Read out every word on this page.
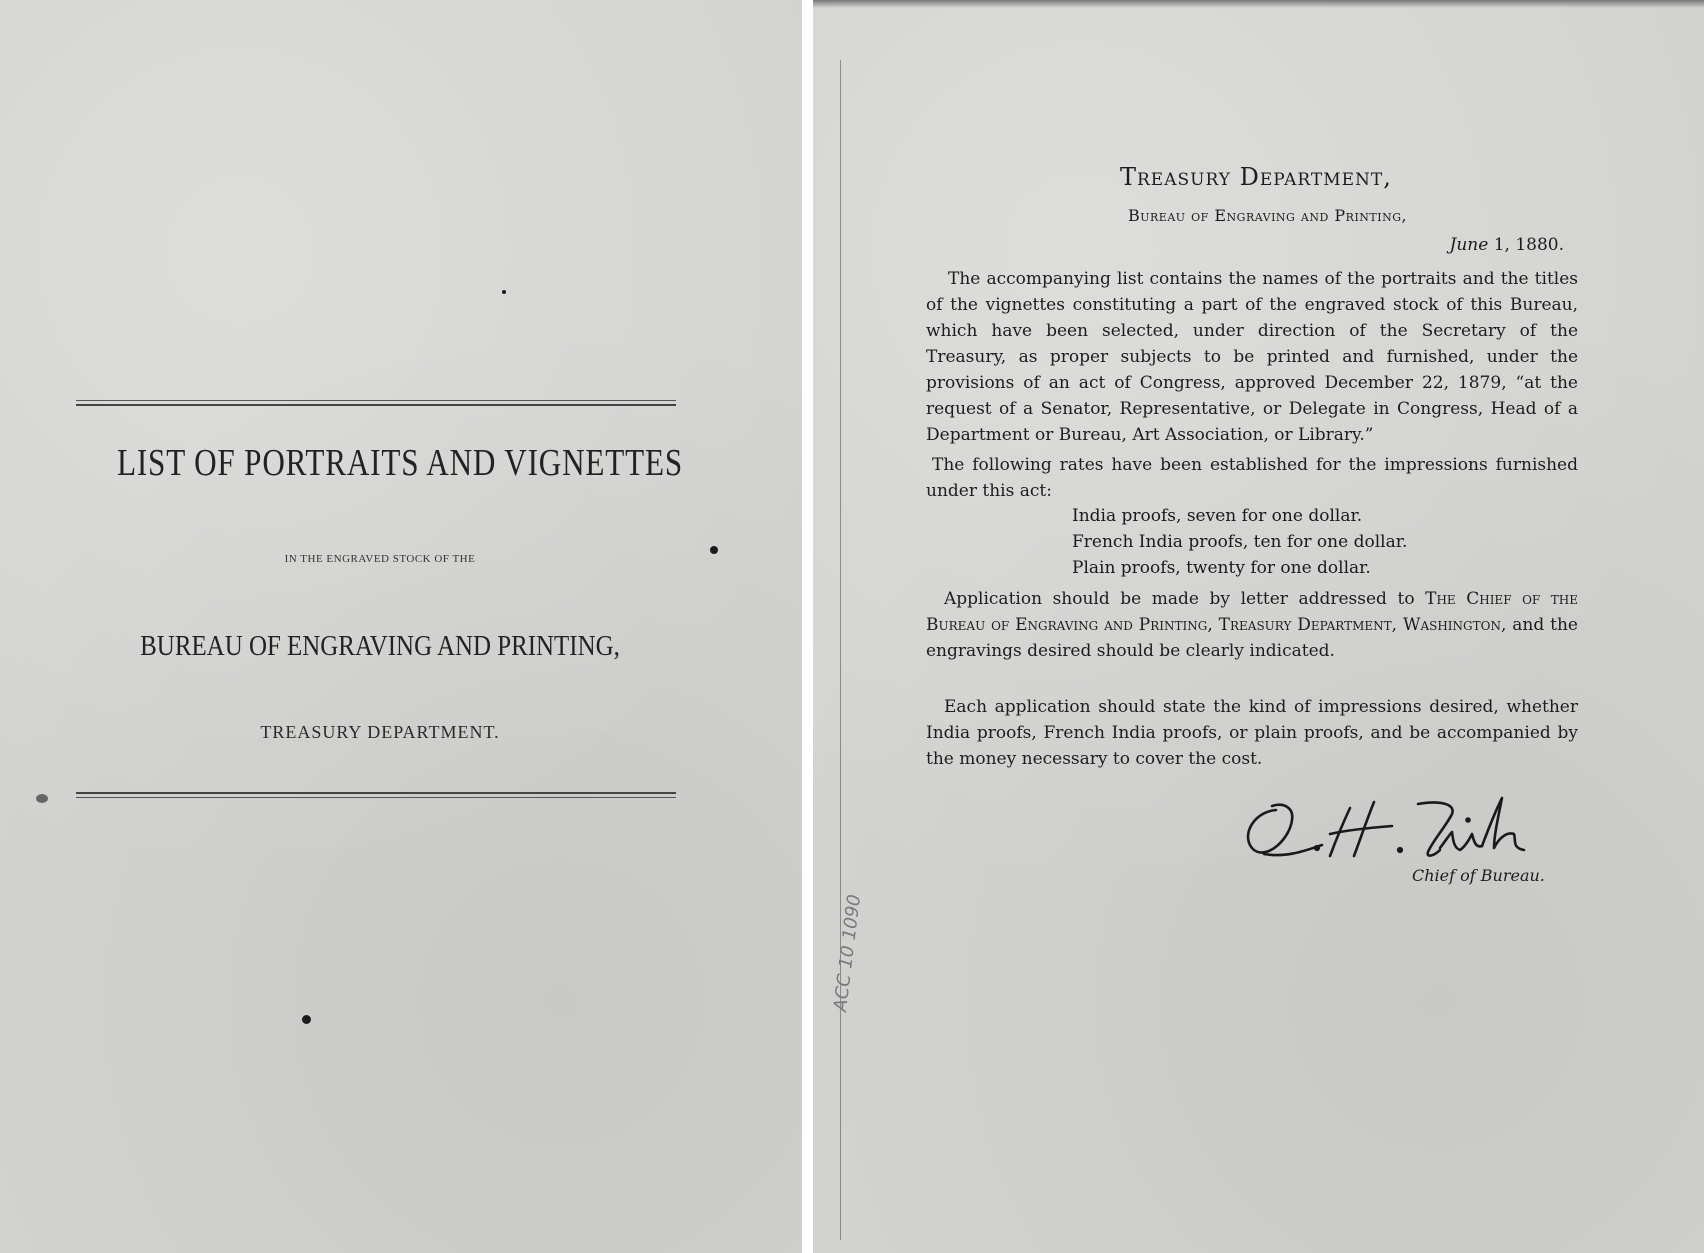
LIST OF PORTRAITS AND VIGNETTES
IN THE ENGRAVED STOCK OF THE
BUREAU OF ENGRAVING AND PRINTING,
TREASURY DEPARTMENT.
Treasury Department,
Bureau of Engraving and Printing,
June 1, 1880.

The accompanying list contains the names of the portraits and the titles of the vignettes constituting a part of the engraved stock of this Bureau, which have been selected, under direction of the Secretary of the Treasury, as proper subjects to be printed and furnished, under the provisions of an act of Congress, approved December 22, 1879, “at the request of a Senator, Representative, or Delegate in Congress, Head of a Department or Bureau, Art Association, or Library.”

The following rates have been established for the impressions furnished under this act:

India proofs, seven for one dollar.
French India proofs, ten for one dollar.
Plain proofs, twenty for one dollar.

Application should be made by letter addressed to The Chief of the Bureau of Engraving and Printing, Treasury Department, Washington, and the engravings desired should be clearly indicated.

Each application should state the kind of impressions desired, whether India proofs, French India proofs, or plain proofs, and be accompanied by the money necessary to cover the cost.

Chief of Bureau.
ACC 10 1090
